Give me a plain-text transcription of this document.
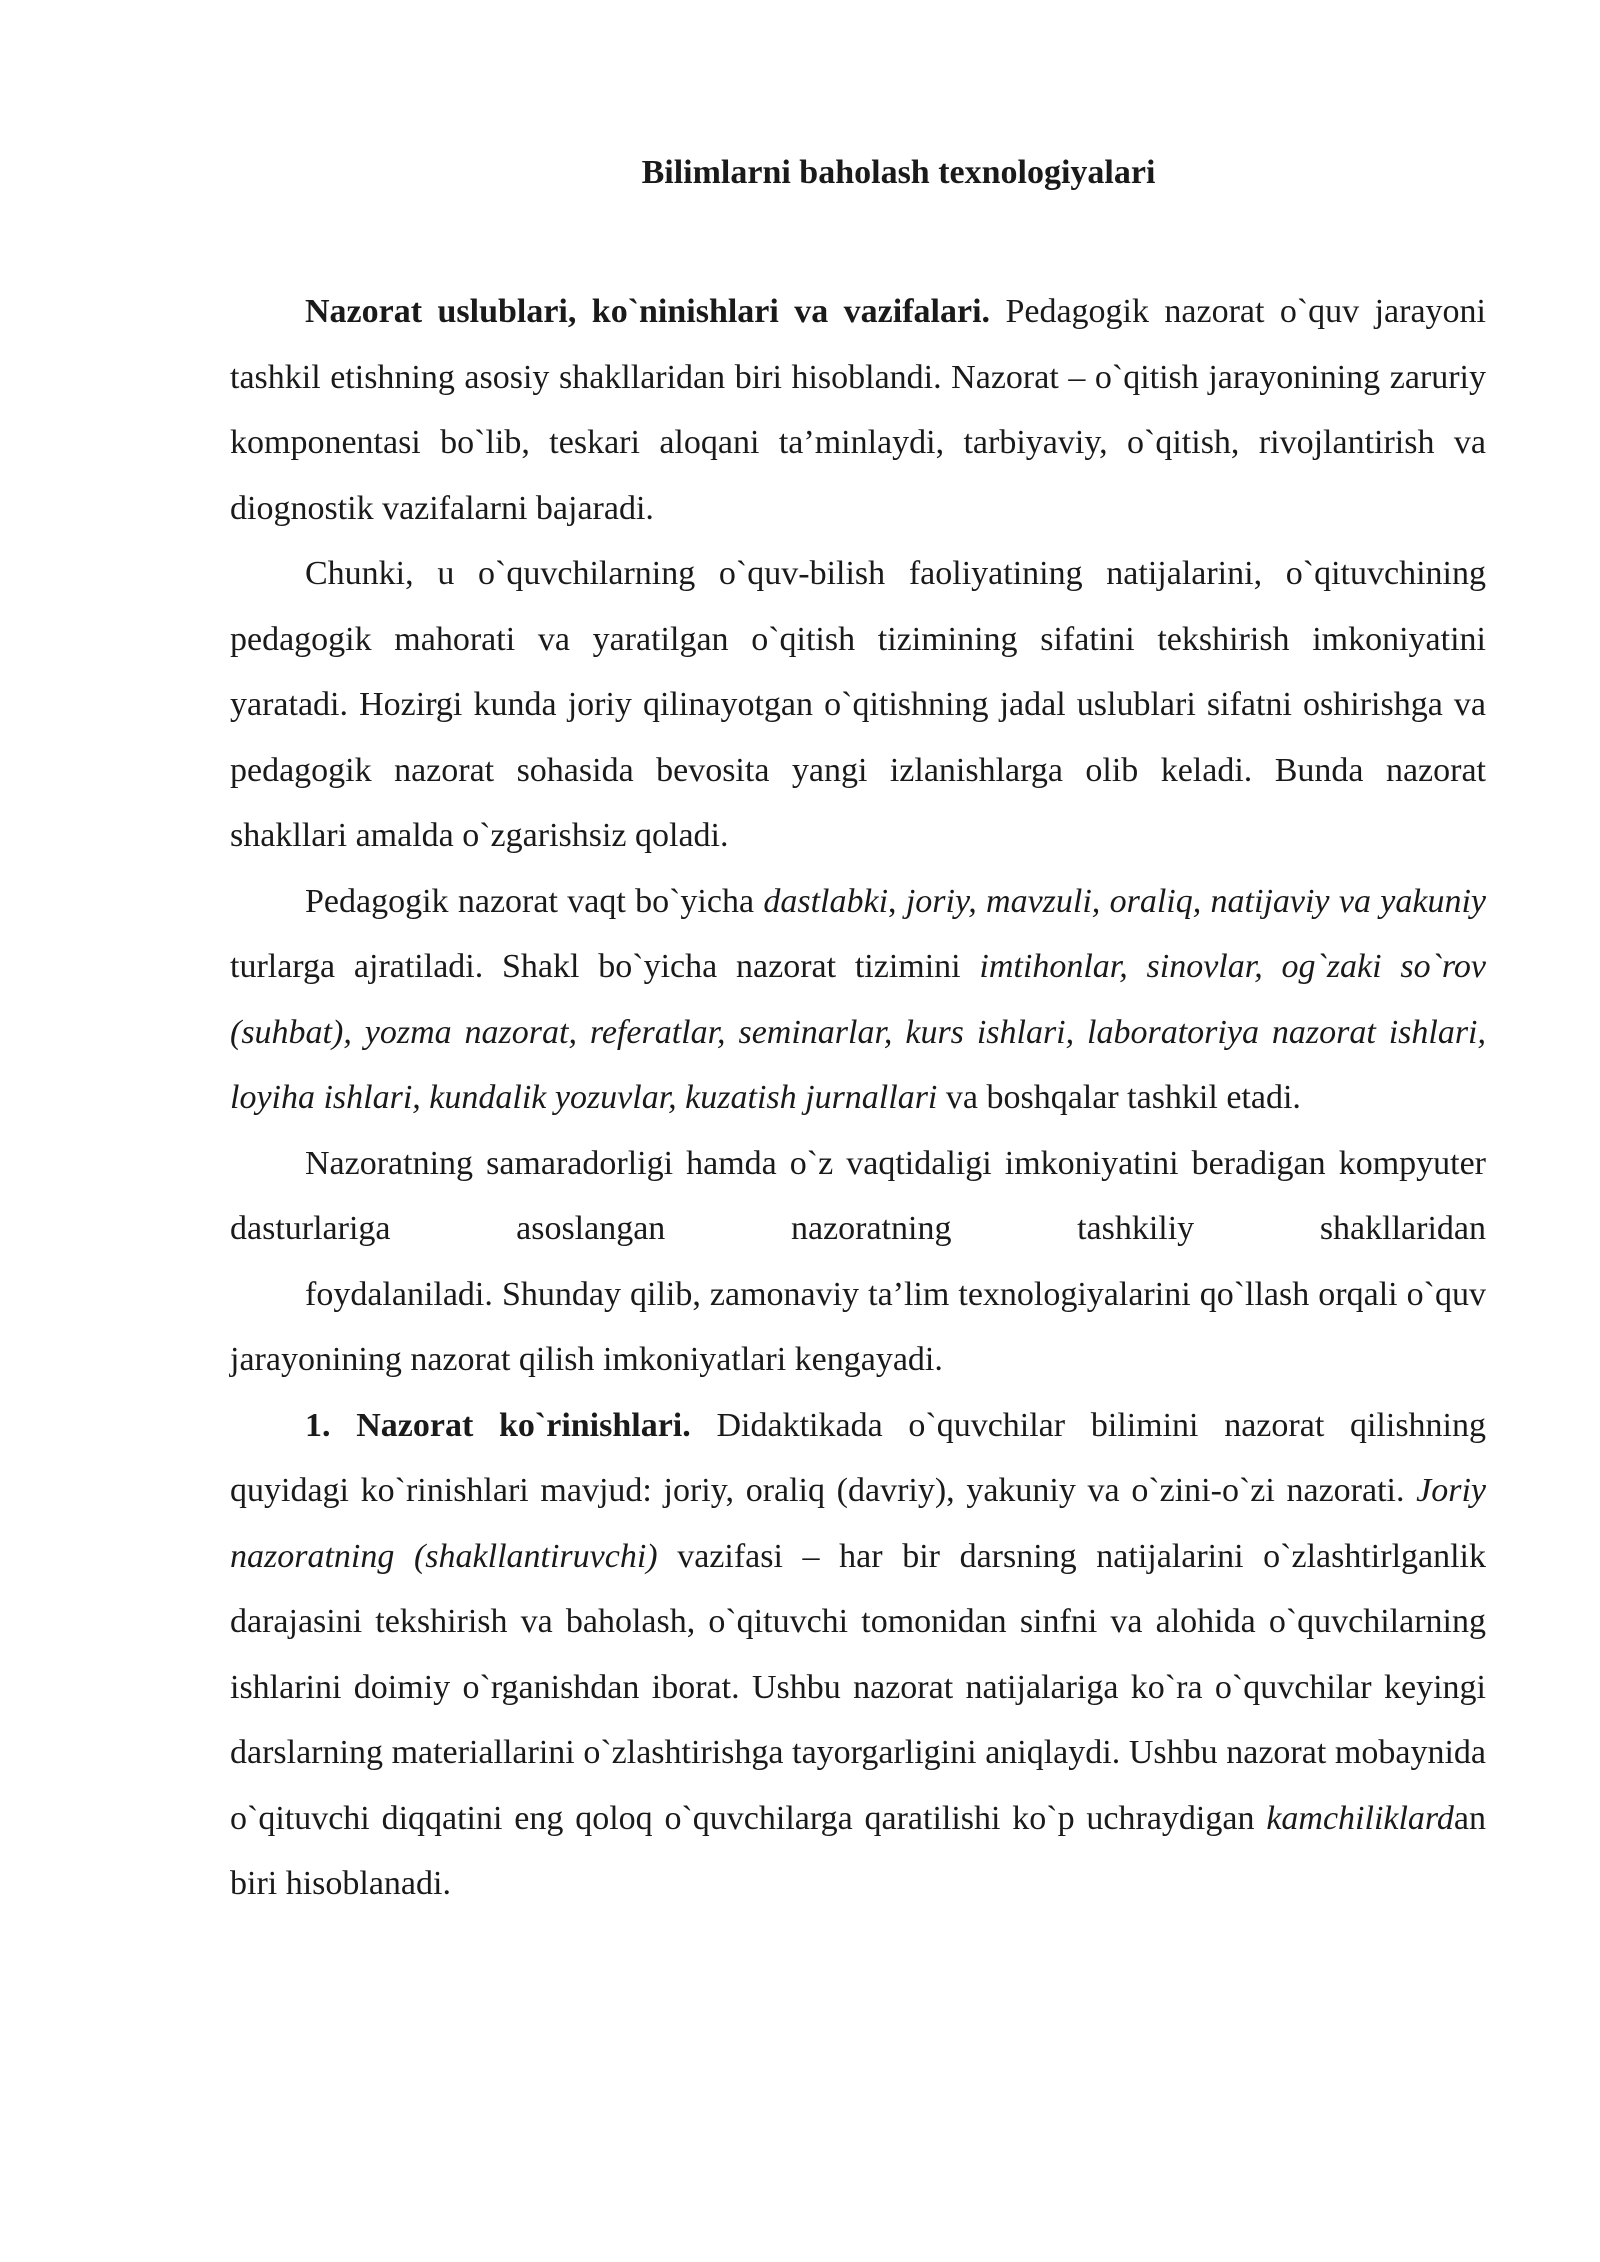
Bilimlarni baholash texnologiyalari

Nazorat uslublari, ko`ninishlari va vazifalari. Pedagogik nazorat o`quv jarayoni tashkil etishning asosiy shakllaridan biri hisoblandi. Nazorat – o`qitish jarayonining zaruriy komponentasi bo`lib, teskari aloqani ta’minlaydi, tarbiyaviy, o`qitish, rivojlantirish va diognostik vazifalarni bajaradi.

Chunki, u o`quvchilarning o`quv-bilish faoliyatining natijalarini, o`qituvchining pedagogik mahorati va yaratilgan o`qitish tizimining sifatini tekshirish imkoniyatini yaratadi. Hozirgi kunda joriy qilinayotgan o`qitishning jadal uslublari sifatni oshirishga va pedagogik nazorat sohasida bevosita yangi izlanishlarga olib keladi. Bunda nazorat shakllari amalda o`zgarishsiz qoladi.

Pedagogik nazorat vaqt bo`yicha dastlabki, joriy, mavzuli, oraliq, natijaviy va yakuniy turlarga ajratiladi. Shakl bo`yicha nazorat tizimini imtihonlar, sinovlar, og`zaki so`rov (suhbat), yozma nazorat, referatlar, seminarlar, kurs ishlari, laboratoriya nazorat ishlari, loyiha ishlari, kundalik yozuvlar, kuzatish jurnallari va boshqalar tashkil etadi.

Nazoratning samaradorligi hamda o`z vaqtidaligi imkoniyatini beradigan kompyuter dasturlariga asoslangan nazoratning tashkiliy shakllaridan

foydalaniladi. Shunday qilib, zamonaviy ta’lim texnologiyalarini qo`llash orqali o`quv jarayonining nazorat qilish imkoniyatlari kengayadi.

1. Nazorat ko`rinishlari. Didaktikada o`quvchilar bilimini nazorat qilishning quyidagi ko`rinishlari mavjud: joriy, oraliq (davriy), yakuniy va o`zini-o`zi nazorati. Joriy nazoratning (shakllantiruvchi) vazifasi – har bir darsning natijalarini o`zlashtirlganlik darajasini tekshirish va baholash, o`qituvchi tomonidan sinfni va alohida o`quvchilarning ishlarini doimiy o`rganishdan iborat. Ushbu nazorat natijalariga ko`ra o`quvchilar keyingi darslarning materiallarini o`zlashtirishga tayorgarligini aniqlaydi. Ushbu nazorat mobaynida o`qituvchi diqqatini eng qoloq o`quvchilarga qaratilishi ko`p uchraydigan kamchiliklardan biri hisoblanadi.
